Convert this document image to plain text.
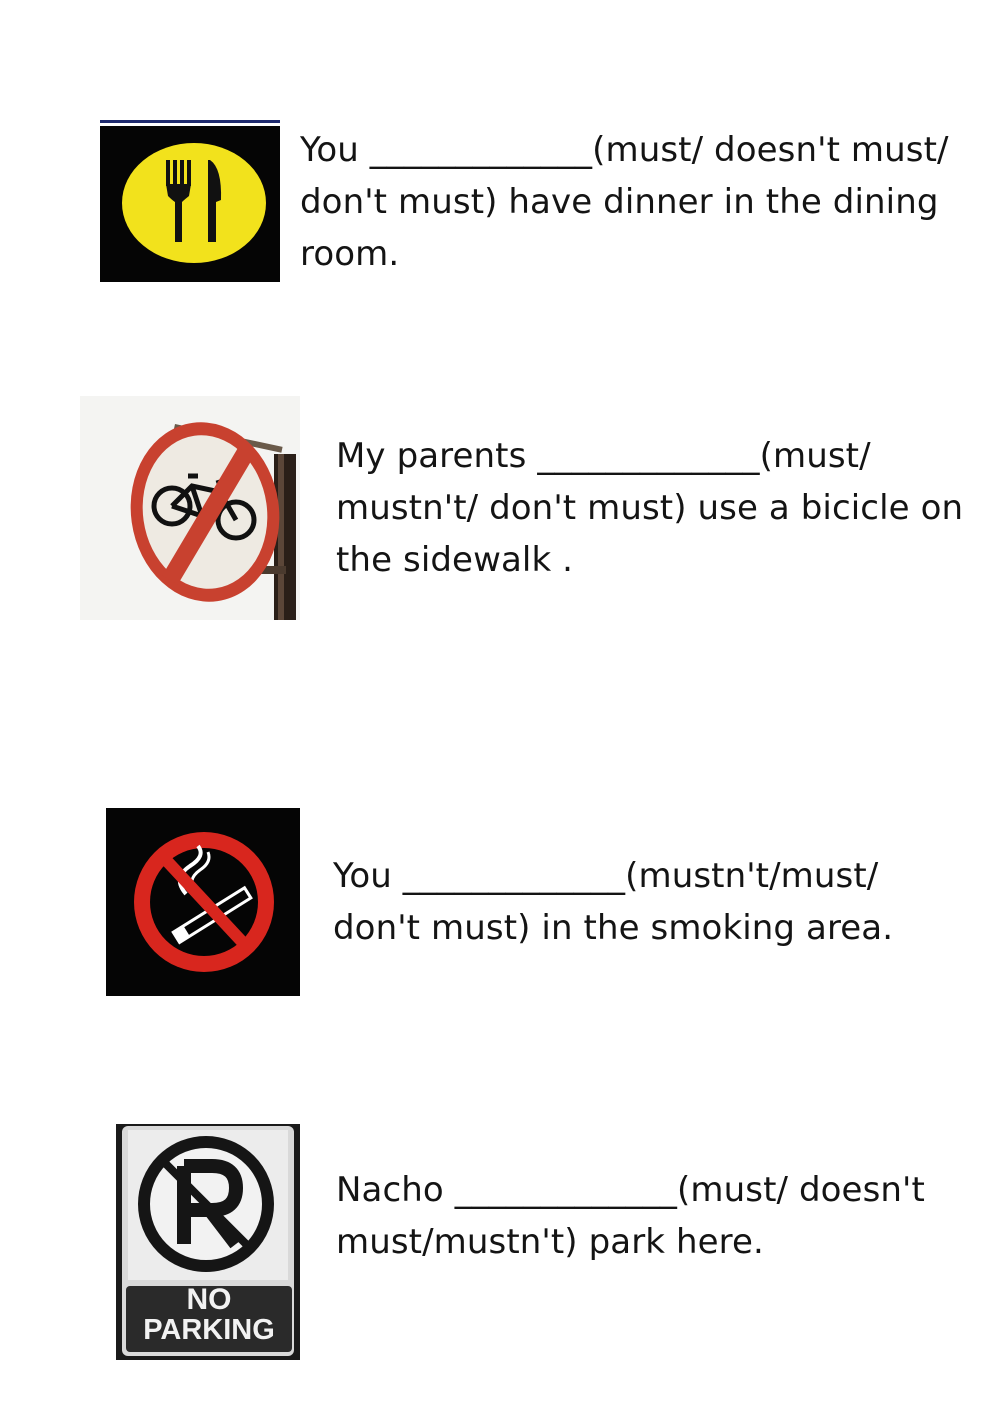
You _____________(must/ doesn't must/ don't must) have dinner in the dining room.
My parents _____________(must/ mustn't/ don't must) use a bicicle on the sidewalk .
You _____________(mustn't/must/ don't must) in the smoking area.
NO
PARKING
Nacho _____________(must/ doesn't must/mustn't) park here.
